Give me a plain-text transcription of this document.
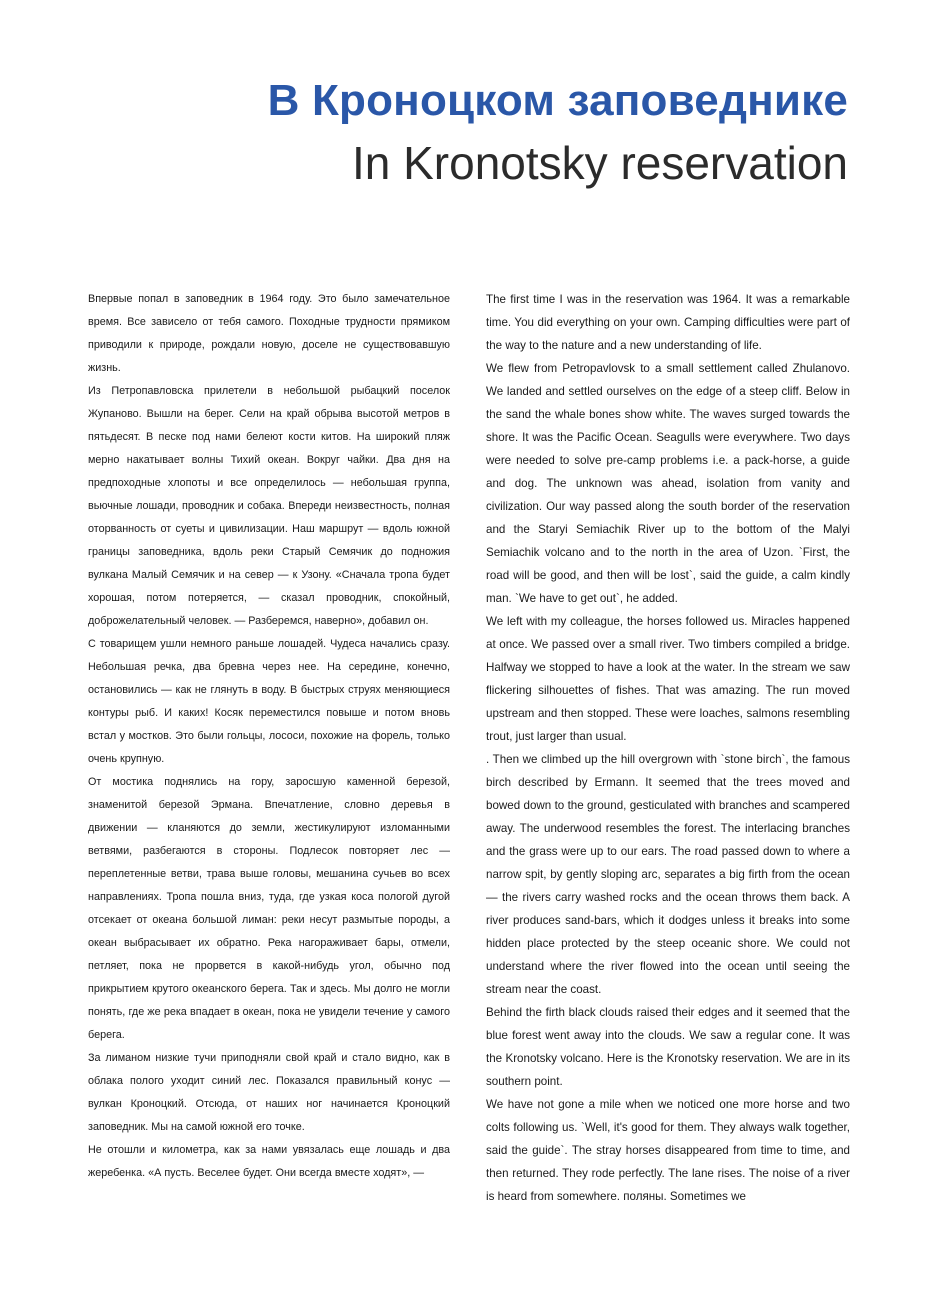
В Кроноцком заповеднике
In Kronotsky reservation

Впервые попал в заповедник в 1964 году. Это было замечательное время. Все зависело от тебя самого. Походные трудности прямиком приводили к природе, рождали новую, доселе не существовавшую жизнь.

Из Петропавловска прилетели в небольшой рыбацкий поселок Жупаново. Вышли на берег. Сели на край обрыва высотой метров в пятьдесят. В песке под нами белеют кости китов. На широкий пляж мерно накатывает волны Тихий океан. Вокруг чайки. Два дня на предпоходные хлопоты и все определилось — небольшая группа, вьючные лошади, проводник и собака. Впереди неизвестность, полная оторванность от суеты и цивилизации. Наш маршрут — вдоль южной границы заповедника, вдоль реки Старый Семячик до подножия вулкана Малый Семячик и на север — к Узону. «Сначала тропа будет хорошая, потом потеряется, — сказал проводник, спокойный, доброжелательный человек. — Разберемся, наверно», добавил он.

С товарищем ушли немного раньше лошадей. Чудеса начались сразу. Небольшая речка, два бревна через нее. На середине, конечно, остановились — как не глянуть в воду. В быстрых струях меняющиеся контуры рыб. И каких! Косяк переместился повыше и потом вновь встал у мостков. Это были гольцы, лососи, похожие на форель, только очень крупную.

От мостика поднялись на гору, заросшую каменной березой, знаменитой березой Эрмана. Впечатление, словно деревья в движении — кланяются до земли, жестикулируют изломанными ветвями, разбегаются в стороны. Подлесок повторяет лес — переплетенные ветви, трава выше головы, мешанина сучьев во всех направлениях. Тропа пошла вниз, туда, где узкая коса пологой дугой отсекает от океана большой лиман: реки несут размытые породы, а океан выбрасывает их обратно. Река нагораживает бары, отмели, петляет, пока не прорвется в какой-нибудь угол, обычно под прикрытием крутого океанского берега. Так и здесь. Мы долго не могли понять, где же река впадает в океан, пока не увидели течение у самого берега.

За лиманом низкие тучи приподняли свой край и стало видно, как в облака полого уходит синий лес. Показался правильный конус — вулкан Кроноцкий. Отсюда, от наших ног начинается Кроноцкий заповедник. Мы на самой южной его точке.

Не отошли и километра, как за нами увязалась еще лошадь и два жеребенка. «А пусть. Веселее будет. Они всегда вместе ходят», —

The first time I was in the reservation was 1964. It was a remarkable time. You did everything on your own. Camping difficulties were part of the way to the nature and a new understanding of life.

We flew from Petropavlovsk to a small settlement called Zhulanovo. We landed and settled ourselves on the edge of a steep cliff. Below in the sand the whale bones show white. The waves surged towards the shore. It was the Pacific Ocean. Seagulls were everywhere. Two days were needed to solve pre-camp problems i.e. a pack-horse, a guide and dog. The unknown was ahead, isolation from vanity and civilization. Our way passed along the south border of the reservation and the Staryi Semiachik River up to the bottom of the Malyi Semiachik volcano and to the north in the area of Uzon. `First, the road will be good, and then will be lost`, said the guide, a calm kindly man. `We have to get out`, he added.

We left with my colleague, the horses followed us. Miracles happened at once. We passed over a small river. Two timbers compiled a bridge. Halfway we stopped to have a look at the water. In the stream we saw flickering silhouettes of fishes. That was amazing. The run moved upstream and then stopped. These were loaches, salmons resembling trout, just larger than usual.

. Then we climbed up the hill overgrown with `stone birch`, the famous birch described by Ermann. It seemed that the trees moved and bowed down to the ground, gesticulated with branches and scampered away. The underwood resembles the forest. The interlacing branches and the grass were up to our ears. The road passed down to where a narrow spit, by gently sloping arc, separates a big firth from the ocean — the rivers carry washed rocks and the ocean throws them back. A river produces sand-bars, which it dodges unless it breaks into some hidden place protected by the steep oceanic shore. We could not understand where the river flowed into the ocean until seeing the stream near the coast.

Behind the firth black clouds raised their edges and it seemed that the blue forest went away into the clouds. We saw a regular cone. It was the Kronotsky volcano. Here is the Kronotsky reservation. We are in its southern point.

We have not gone a mile when we noticed one more horse and two colts following us. `Well, it's good for them. They always walk together, said the guide`. The stray horses disappeared from time to time, and then returned. They rode perfectly. The lane rises. The noise of a river is heard from somewhere. поляны. Sometimes we
